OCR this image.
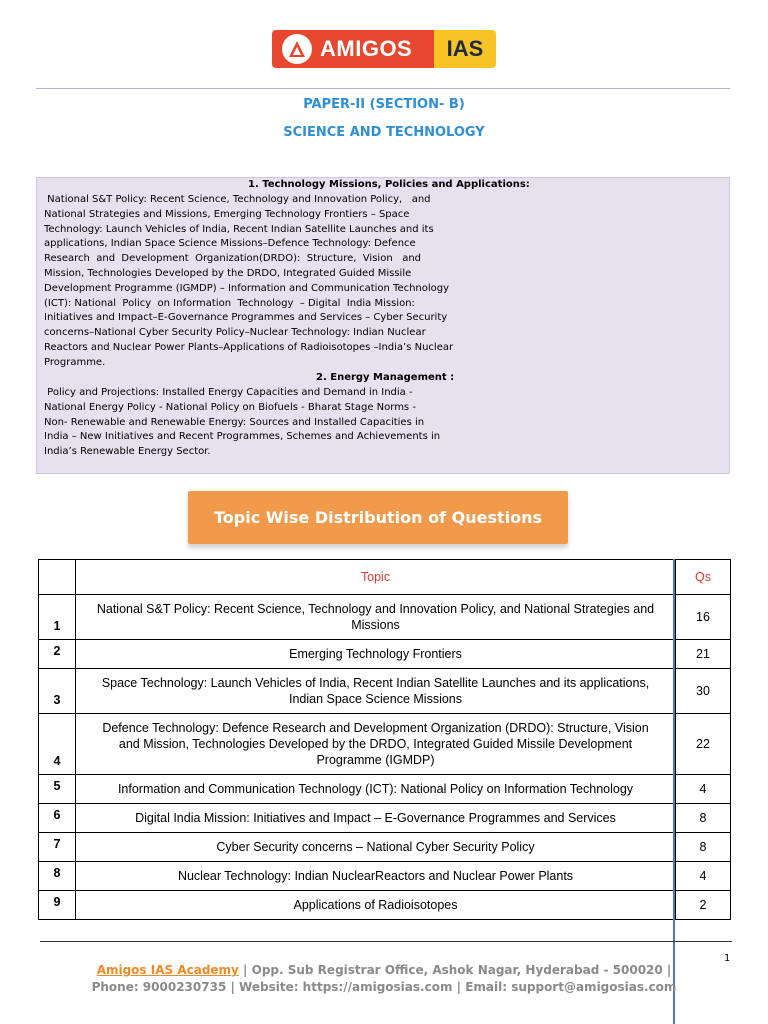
AMIGOS IAS
PAPER-II (SECTION- B)
SCIENCE AND TECHNOLOGY
1. Technology Missions, Policies and Applications:
National S&T Policy: Recent Science, Technology and Innovation Policy,   and
National Strategies and Missions, Emerging Technology Frontiers – Space
Technology: Launch Vehicles of India, Recent Indian Satellite Launches and its
applications, Indian Space Science Missions–Defence Technology: Defence
Research  and  Development  Organization(DRDO):  Structure,  Vision   and
Mission, Technologies Developed by the DRDO, Integrated Guided Missile
Development Programme (IGMDP) – Information and Communication Technology
(ICT): National  Policy  on Information  Technology  – Digital  India Mission:
Initiatives and Impact–E-Governance Programmes and Services – Cyber Security
concerns–National Cyber Security Policy–Nuclear Technology: Indian Nuclear
Reactors and Nuclear Power Plants–Applications of Radioisotopes –India’s Nuclear
Programme.
2. Energy Management :
Policy and Projections: Installed Energy Capacities and Demand in India -
National Energy Policy - National Policy on Biofuels - Bharat Stage Norms -
Non- Renewable and Renewable Energy: Sources and Installed Capacities in
India – New Initiatives and Recent Programmes, Schemes and Achievements in
India’s Renewable Energy Sector.
Topic Wise Distribution of Questions
	Topic	Qs
1	National S&T Policy: Recent Science, Technology and Innovation Policy, and National Strategies and Missions	16
2	Emerging Technology Frontiers	21
3	Space Technology: Launch Vehicles of India, Recent Indian Satellite Launches and its applications, Indian Space Science Missions	30
4	Defence Technology: Defence Research and Development Organization (DRDO): Structure, Vision and Mission, Technologies Developed by the DRDO, Integrated Guided Missile Development Programme (IGMDP)	22
5	Information and Communication Technology (ICT): National Policy on Information Technology	4
6	Digital India Mission: Initiatives and Impact – E-Governance Programmes and Services	8
7	Cyber Security concerns – National Cyber Security Policy	8
8	Nuclear Technology: Indian NuclearReactors and Nuclear Power Plants	4
9	Applications of Radioisotopes	2
1
Amigos IAS Academy | Opp. Sub Registrar Office, Ashok Nagar, Hyderabad - 500020 |
Phone: 9000230735 | Website: https://amigosias.com | Email: support@amigosias.com
